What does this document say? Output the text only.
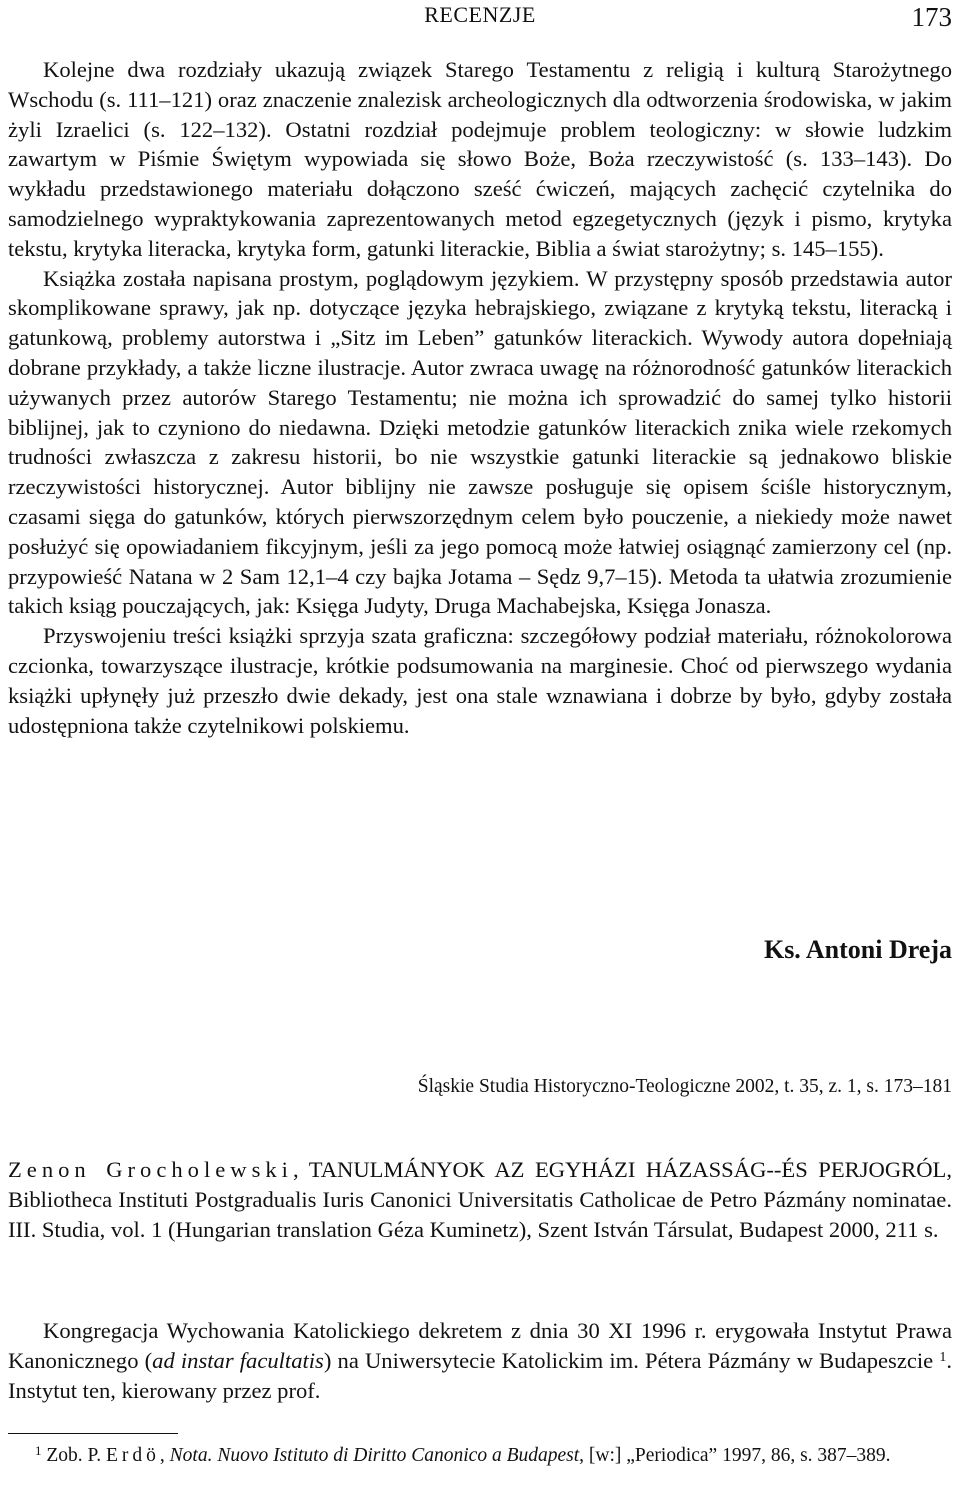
RECENZJE	173

Kolejne dwa rozdziały ukazują związek Starego Testamentu z religią i kulturą Starożytnego Wschodu (s. 111–121) oraz znaczenie znalezisk archeologicznych dla odtworzenia środowiska, w jakim żyli Izraelici (s. 122–132). Ostatni rozdział podejmuje problem teologiczny: w słowie ludzkim zawartym w Piśmie Świętym wypowiada się słowo Boże, Boża rzeczywistość (s. 133–143). Do wykładu przedstawionego materiału dołączono sześć ćwiczeń, mających zachęcić czytelnika do samodzielnego wypraktykowania zaprezentowanych metod egzegetycznych (język i pismo, krytyka tekstu, krytyka literacka, krytyka form, gatunki literackie, Biblia a świat starożytny; s. 145–155).

Książka została napisana prostym, poglądowym językiem. W przystępny sposób przedstawia autor skomplikowane sprawy, jak np. dotyczące języka hebrajskiego, związane z krytyką tekstu, literacką i gatunkową, problemy autorstwa i „Sitz im Leben” gatunków literackich. Wywody autora dopełniają dobrane przykłady, a także liczne ilustracje. Autor zwraca uwagę na różnorodność gatunków literackich używanych przez autorów Starego Testamentu; nie można ich sprowadzić do samej tylko historii biblijnej, jak to czyniono do niedawna. Dzięki metodzie gatunków literackich znika wiele rzekomych trudności zwłaszcza z zakresu historii, bo nie wszystkie gatunki literackie są jednakowo bliskie rzeczywistości historycznej. Autor biblijny nie zawsze posługuje się opisem ściśle historycznym, czasami sięga do gatunków, których pierwszorzędnym celem było pouczenie, a niekiedy może nawet posłużyć się opowiadaniem fikcyjnym, jeśli za jego pomocą może łatwiej osiągnąć zamierzony cel (np. przypowieść Natana w 2 Sam 12,1–4 czy bajka Jotama – Sędz 9,7–15). Metoda ta ułatwia zrozumienie takich ksiąg pouczających, jak: Księga Judyty, Druga Machabejska, Księga Jonasza.

Przyswojeniu treści książki sprzyja szata graficzna: szczegółowy podział materiału, różnokolorowa czcionka, towarzyszące ilustracje, krótkie podsumowania na marginesie. Choć od pierwszego wydania książki upłynęły już przeszło dwie dekady, jest ona stale wznawiana i dobrze by było, gdyby została udostępniona także czytelnikowi polskiemu.

Ks. Antoni Dreja
Śląskie Studia Historyczno-Teologiczne 2002, t. 35, z. 1, s. 173–181

Zenon Grocholewski, TANULMÁNYOK AZ EGYHÁZI HÁZASSÁG--ÉS PERJOGRÓL, Bibliotheca Instituti Postgradualis Iuris Canonici Universitatis Catholicae de Petro Pázmány nominatae. III. Studia, vol. 1 (Hungarian translation Géza Kuminetz), Szent István Társulat, Budapest 2000, 211 s.

Kongregacja Wychowania Katolickiego dekretem z dnia 30 XI 1996 r. erygowała Instytut Prawa Kanonicznego (ad instar facultatis) na Uniwersytecie Katolickim im. Pétera Pázmány w Budapeszcie $^1$. Instytut ten, kierowany przez prof.

$^1$ Zob. P. Erdö, Nota. Nuovo Istituto di Diritto Canonico a Budapest, [w:] „Periodica” 1997, 86, s. 387–389.
